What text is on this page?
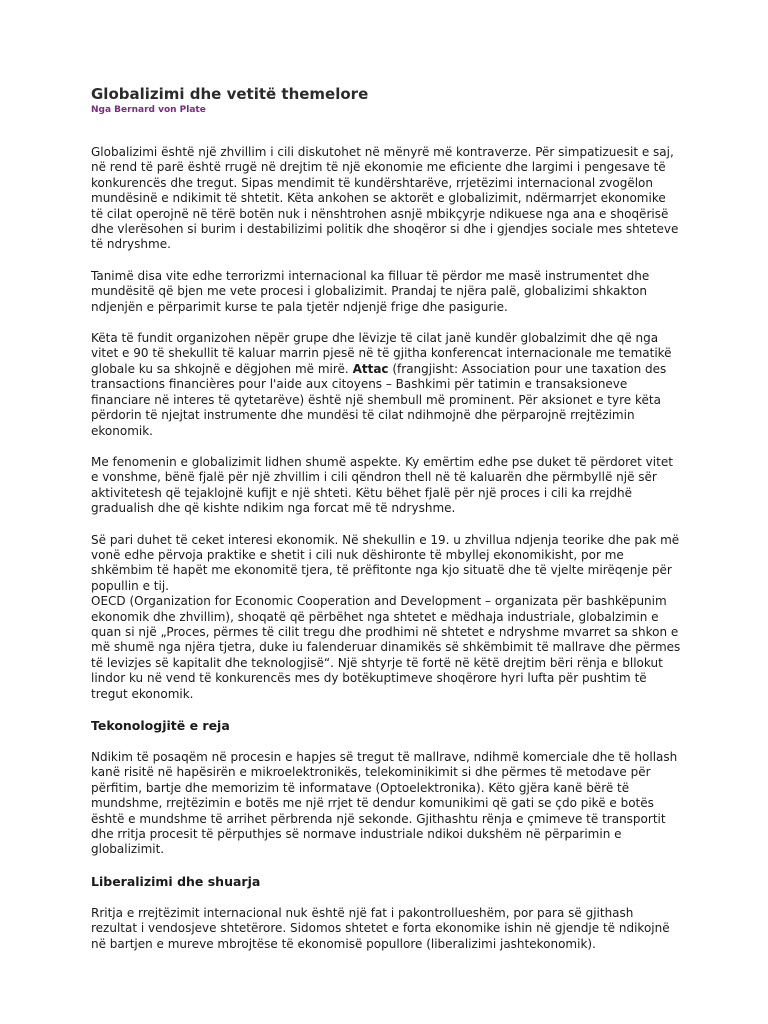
Globalizimi dhe vetitë themelore
Nga Bernard von Plate

Globalizimi është një zhvillim i cili diskutohet në mënyrë më kontraverze. Për simpatizuesit e saj, në rend të parë është rrugë në drejtim të një ekonomie me eficiente dhe largimi i pengesave të konkurencës dhe tregut. Sipas mendimit të kundërshtarëve, rrjetëzimi internacional zvogëlon mundësinë e ndikimit të shtetit. Këta ankohen se aktorët e globalizimit, ndërmarrjet ekonomike të cilat operojnë në tërë botën nuk i nënshtrohen asnjë mbikçyrje ndikuese nga ana e shoqërisë dhe vlerësohen si burim i destabilizimi politik dhe shoqëror si dhe i gjendjes sociale mes shteteve të ndryshme.

Tanimë disa vite edhe terrorizmi internacional ka filluar të përdor me masë instrumentet dhe mundësitë që bjen me vete procesi i globalizimit. Prandaj te njëra palë, globalizimi shkakton ndjenjën e përparimit kurse te pala tjetër ndjenjë frige dhe pasigurie.

Këta të fundit organizohen nëpër grupe dhe lëvizje të cilat janë kundër globalzimit dhe që nga vitet e 90 të shekullit të kaluar marrin pjesë në të gjitha konferencat internacionale me tematikë globale ku sa shkojnë e dëgjohen më mirë. Attac (frangjisht: Association pour une taxation des transactions financières pour l'aide aux citoyens – Bashkimi për tatimin e transaksioneve financiare në interes të qytetarëve) është një shembull më prominent. Për aksionet e tyre këta përdorin të njejtat instrumente dhe mundësi të cilat ndihmojnë dhe përparojnë rrejtëzimin ekonomik.

Me fenomenin e globalizimit lidhen shumë aspekte. Ky emërtim edhe pse duket të përdoret vitet e vonshme, bënë fjalë për një zhvillim i cili qëndron thell në të kaluarën dhe përmbyllë një sër aktivitetesh që tejaklojnë kufijt e një shteti. Këtu bëhet fjalë për një proces i cili ka rrejdhë gradualish dhe që kishte ndikim nga forcat më të ndryshme.

Së pari duhet të ceket interesi ekonomik. Në shekullin e 19. u zhvillua ndjenja teorike dhe pak më vonë edhe përvoja praktike e shetit i cili nuk dëshironte të mbyllej ekonomikisht, por me shkëmbim të hapët me ekonomitë tjera, të prëfitonte nga kjo situatë dhe të vjelte mirëqenje për popullin e tij.

OECD (Organization for Economic Cooperation and Development – organizata për bashkëpunim ekonomik dhe zhvillim), shoqatë që përbëhet nga shtetet e mëdhaja industriale, globalzimin e quan si një „Proces, përmes të cilit tregu dhe prodhimi në shtetet e ndryshme mvarret sa shkon e më shumë nga njëra tjetra, duke iu falenderuar dinamikës së shkëmbimit të mallrave dhe përmes të levizjes së kapitalit dhe teknologjisë“. Një shtyrje të fortë në këtë drejtim bëri rënja e bllokut lindor ku në vend të konkurencës mes dy botëkuptimeve shoqërore hyri lufta për pushtim të tregut ekonomik.

Tekonologjitë e reja

Ndikim të posaqëm në procesin e hapjes së tregut të mallrave, ndihmë komerciale dhe të hollash kanë risitë në hapësirën e mikroelektronikës, telekominikimit si dhe përmes të metodave për përfitim, bartje dhe memorizim të informatave (Optoelektronika). Këto gjëra kanë bërë të mundshme, rrejtëzimin e botës me një rrjet të dendur komunikimi që gati se çdo pikë e botës është e mundshme të arrihet përbrenda një sekonde. Gjithashtu rënja e çmimeve të transportit dhe rritja procesit të përputhjes së normave industriale ndikoi dukshëm në përparimin e globalizimit.

Liberalizimi dhe shuarja

Rritja e rrejtëzimit internacional nuk është një fat i pakontrollueshëm, por para së gjithash rezultat i vendosjeve shtetërore. Sidomos shtetet e forta ekonomike ishin në gjendje të ndikojnë në bartjen e mureve mbrojtëse të ekonomisë popullore (liberalizimi jashtekonomik).
